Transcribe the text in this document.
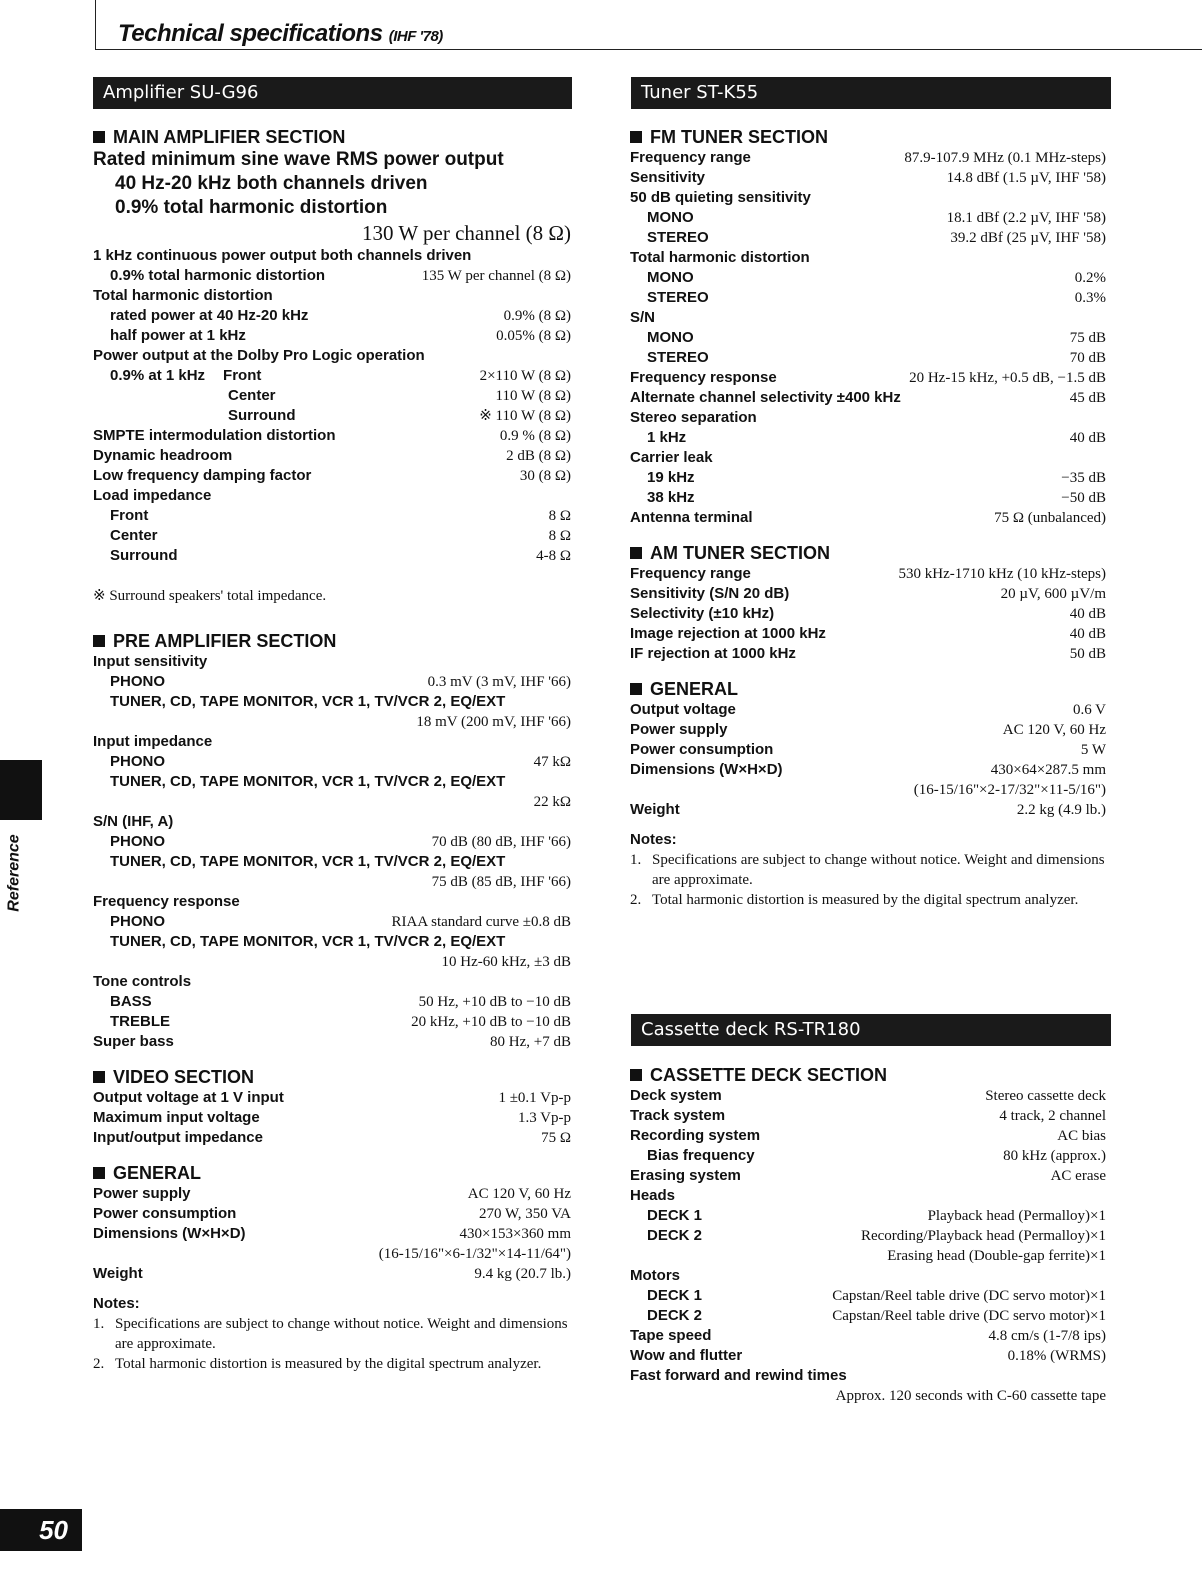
Technical specifications (IHF '78)
Amplifier SU-G96	Tuner ST-K55
Cassette deck RS-TR180
MAIN AMPLIFIER SECTION
Rated minimum sine wave RMS power output
40 Hz-20 kHz both channels driven
0.9% total harmonic distortion
130 W per channel (8 Ω)
1 kHz continuous power output both channels driven
0.9% total harmonic distortion	135 W per channel (8 Ω)
Total harmonic distortion
rated power at 40 Hz-20 kHz	0.9% (8 Ω)
half power at 1 kHz	0.05% (8 Ω)
Power output at the Dolby Pro Logic operation
0.9% at 1 kHz Front	2×110 W (8 Ω)
Center	110 W (8 Ω)
Surround	※ 110 W (8 Ω)
SMPTE intermodulation distortion	0.9 % (8 Ω)
Dynamic headroom	2 dB (8 Ω)
Low frequency damping factor	30 (8 Ω)
Load impedance
Front	8 Ω
Center	8 Ω
Surround	4-8 Ω
※ Surround speakers' total impedance.
PRE AMPLIFIER SECTION
Input sensitivity
PHONO	0.3 mV (3 mV, IHF '66)
TUNER, CD, TAPE MONITOR, VCR 1, TV/VCR 2, EQ/EXT
18 mV (200 mV, IHF '66)
Input impedance
PHONO	47 kΩ
TUNER, CD, TAPE MONITOR, VCR 1, TV/VCR 2, EQ/EXT
22 kΩ
S/N (IHF, A)
PHONO	70 dB (80 dB, IHF '66)
TUNER, CD, TAPE MONITOR, VCR 1, TV/VCR 2, EQ/EXT
75 dB (85 dB, IHF '66)
Frequency response
PHONO	RIAA standard curve ±0.8 dB
TUNER, CD, TAPE MONITOR, VCR 1, TV/VCR 2, EQ/EXT
10 Hz-60 kHz, ±3 dB
Tone controls
BASS	50 Hz, +10 dB to −10 dB
TREBLE	20 kHz, +10 dB to −10 dB
Super bass	80 Hz, +7 dB
VIDEO SECTION
Output voltage at 1 V input	1 ±0.1 Vp-p
Maximum input voltage	1.3 Vp-p
Input/output impedance	75 Ω
GENERAL
Power supply	AC 120 V, 60 Hz
Power consumption	270 W, 350 VA
Dimensions (W×H×D)	430×153×360 mm
(16-15/16"×6-1/32"×14-11/64")
Weight	9.4 kg (20.7 lb.)
Notes:
1. Specifications are subject to change without notice. Weight and dimensions are approximate.
2. Total harmonic distortion is measured by the digital spectrum analyzer.
FM TUNER SECTION
Frequency range	87.9-107.9 MHz (0.1 MHz-steps)
Sensitivity	14.8 dBf (1.5 µV, IHF '58)
50 dB quieting sensitivity
MONO	18.1 dBf (2.2 µV, IHF '58)
STEREO	39.2 dBf (25 µV, IHF '58)
Total harmonic distortion
MONO	0.2%
STEREO	0.3%
S/N
MONO	75 dB
STEREO	70 dB
Frequency response	20 Hz-15 kHz, +0.5 dB, −1.5 dB
Alternate channel selectivity ±400 kHz	45 dB
Stereo separation
1 kHz	40 dB
Carrier leak
19 kHz	−35 dB
38 kHz	−50 dB
Antenna terminal	75 Ω (unbalanced)
AM TUNER SECTION
Frequency range	530 kHz-1710 kHz (10 kHz-steps)
Sensitivity (S/N 20 dB)	20 µV, 600 µV/m
Selectivity (±10 kHz)	40 dB
Image rejection at 1000 kHz	40 dB
IF rejection at 1000 kHz	50 dB
GENERAL
Output voltage	0.6 V
Power supply	AC 120 V, 60 Hz
Power consumption	5 W
Dimensions (W×H×D)	430×64×287.5 mm
(16-15/16"×2-17/32"×11-5/16")
Weight	2.2 kg (4.9 lb.)
Notes:
1. Specifications are subject to change without notice. Weight and dimensions are approximate.
2. Total harmonic distortion is measured by the digital spectrum analyzer.
CASSETTE DECK SECTION
Deck system	Stereo cassette deck
Track system	4 track, 2 channel
Recording system	AC bias
Bias frequency	80 kHz (approx.)
Erasing system	AC erase
Heads
DECK 1	Playback head (Permalloy)×1
DECK 2	Recording/Playback head (Permalloy)×1
Erasing head (Double-gap ferrite)×1
Motors
DECK 1	Capstan/Reel table drive (DC servo motor)×1
DECK 2	Capstan/Reel table drive (DC servo motor)×1
Tape speed	4.8 cm/s (1-7/8 ips)
Wow and flutter	0.18% (WRMS)
Fast forward and rewind times
Approx. 120 seconds with C-60 cassette tape
Reference
50
